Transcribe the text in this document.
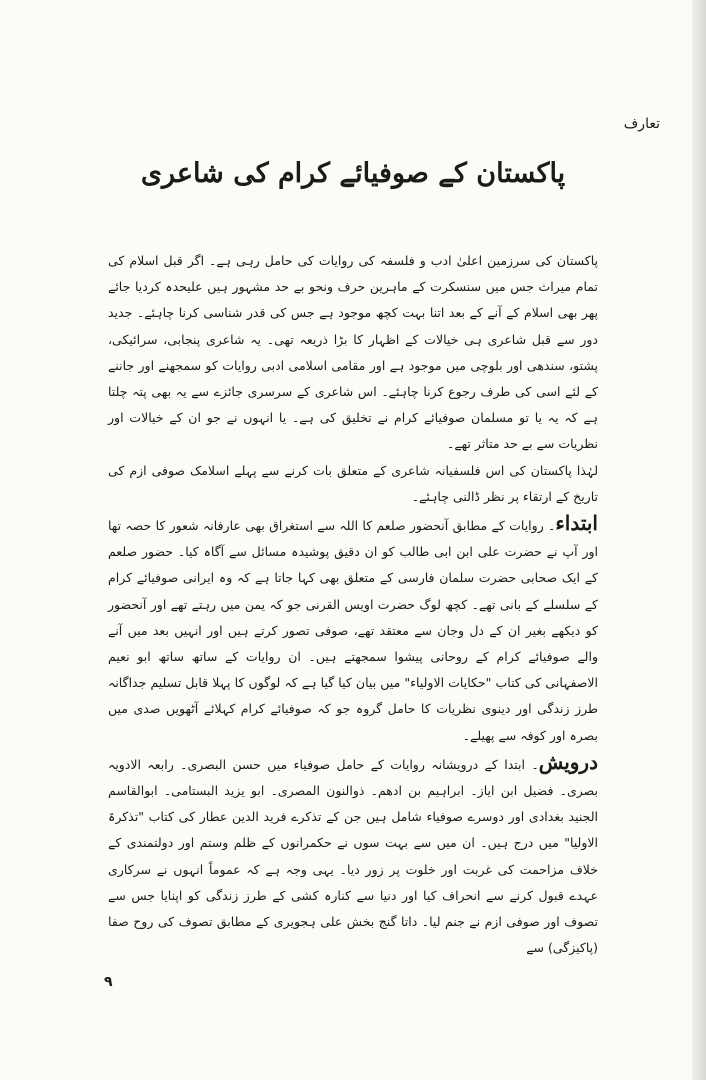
تعارف
پاکستان کے صوفیائے کرام کی شاعری

پاکستان کی سرزمین اعلیٰ ادب و فلسفہ کی روایات کی حامل رہی ہے۔ اگر قبل اسلام کی تمام میراث جس میں سنسکرت کے ماہرین حرف ونحو بے حد مشہور ہیں علیحدہ کردیا جائے پھر بھی اسلام کے آنے کے بعد اتنا بہت کچھ موجود ہے جس کی قدر شناسی کرنا چاہئے۔ جدید دور سے قبل شاعری ہی خیالات کے اظہار کا بڑا ذریعہ تھی۔ یہ شاعری پنجابی، سرائیکی، پشتو، سندھی اور بلوچی میں موجود ہے اور مقامی اسلامی ادبی روایات کو سمجھنے اور جاننے کے لئے اسی کی طرف رجوع کرنا چاہئے۔ اس شاعری کے سرسری جائزے سے یہ بھی پتہ چلتا ہے کہ یہ یا تو مسلمان صوفیائے کرام نے تخلیق کی ہے۔ یا انہوں نے جو ان کے خیالات اور نظریات سے بے حد متاثر تھے۔

لہٰذا پاکستان کی اس فلسفیانہ شاعری کے متعلق بات کرنے سے پہلے اسلامک صوفی ازم کی تاریخ کے ارتقاء پر نظر ڈالنی چاہئے۔

ابتداء۔ روایات کے مطابق آنحضور صلعم کا اللہ سے استغراق بھی عارفانہ شعور کا حصہ تھا اور آپ نے حضرت علی ابن ابی طالب کو ان دقیق پوشیدہ مسائل سے آگاہ کیا۔ حضور صلعم کے ایک صحابی حضرت سلمان فارسی کے متعلق بھی کہا جاتا ہے کہ وہ ایرانی صوفیائے کرام کے سلسلے کے بانی تھے۔ کچھ لوگ حضرت اویس القرنی جو کہ یمن میں رہتے تھے اور آنحضور کو دیکھے بغیر ان کے دل وجان سے معتقد تھے، صوفی تصور کرتے ہیں اور انہیں بعد میں آنے والے صوفیائے کرام کے روحانی پیشوا سمجھتے ہیں۔ ان روایات کے ساتھ ساتھ ابو نعیم الاصفہانی کی کتاب "حکایات الاولیاء" میں بیان کیا گیا ہے کہ لوگوں کا پہلا قابل تسلیم جداگانہ طرز زندگی اور دینوی نظریات کا حامل گروہ جو کہ صوفیائے کرام کہلائے آٹھویں صدی میں بصرہ اور کوفہ سے پھیلے۔

درویش۔ ابتدا کے درویشانہ روایات کے حامل صوفیاء میں حسن البصری۔ رابعہ الادویہ بصری۔ فضیل ابن ایاز۔ ابراہیم بن ادھم۔ ذوالنون المصری۔ ابو یزید البستامی۔ ابوالقاسم الجنید بغدادی اور دوسرے صوفیاء شامل ہیں جن کے تذکرے فرید الدین عطار کی کتاب "تذکرۃ الاولیا" میں درج ہیں۔ ان میں سے بہت سوں نے حکمرانوں کے ظلم وستم اور دولتمندی کے خلاف مزاحمت کی غربت اور خلوت پر زور دیا۔ یہی وجہ ہے کہ عموماً انہوں نے سرکاری عہدے قبول کرنے سے انحراف کیا اور دنیا سے کنارہ کشی کے طرز زندگی کو اپنایا جس سے تصوف اور صوفی ازم نے جنم لیا۔ داتا گنج بخش علی ہجویری کے مطابق تصوف کی روح صفا (پاکیزگی) سے

۹
